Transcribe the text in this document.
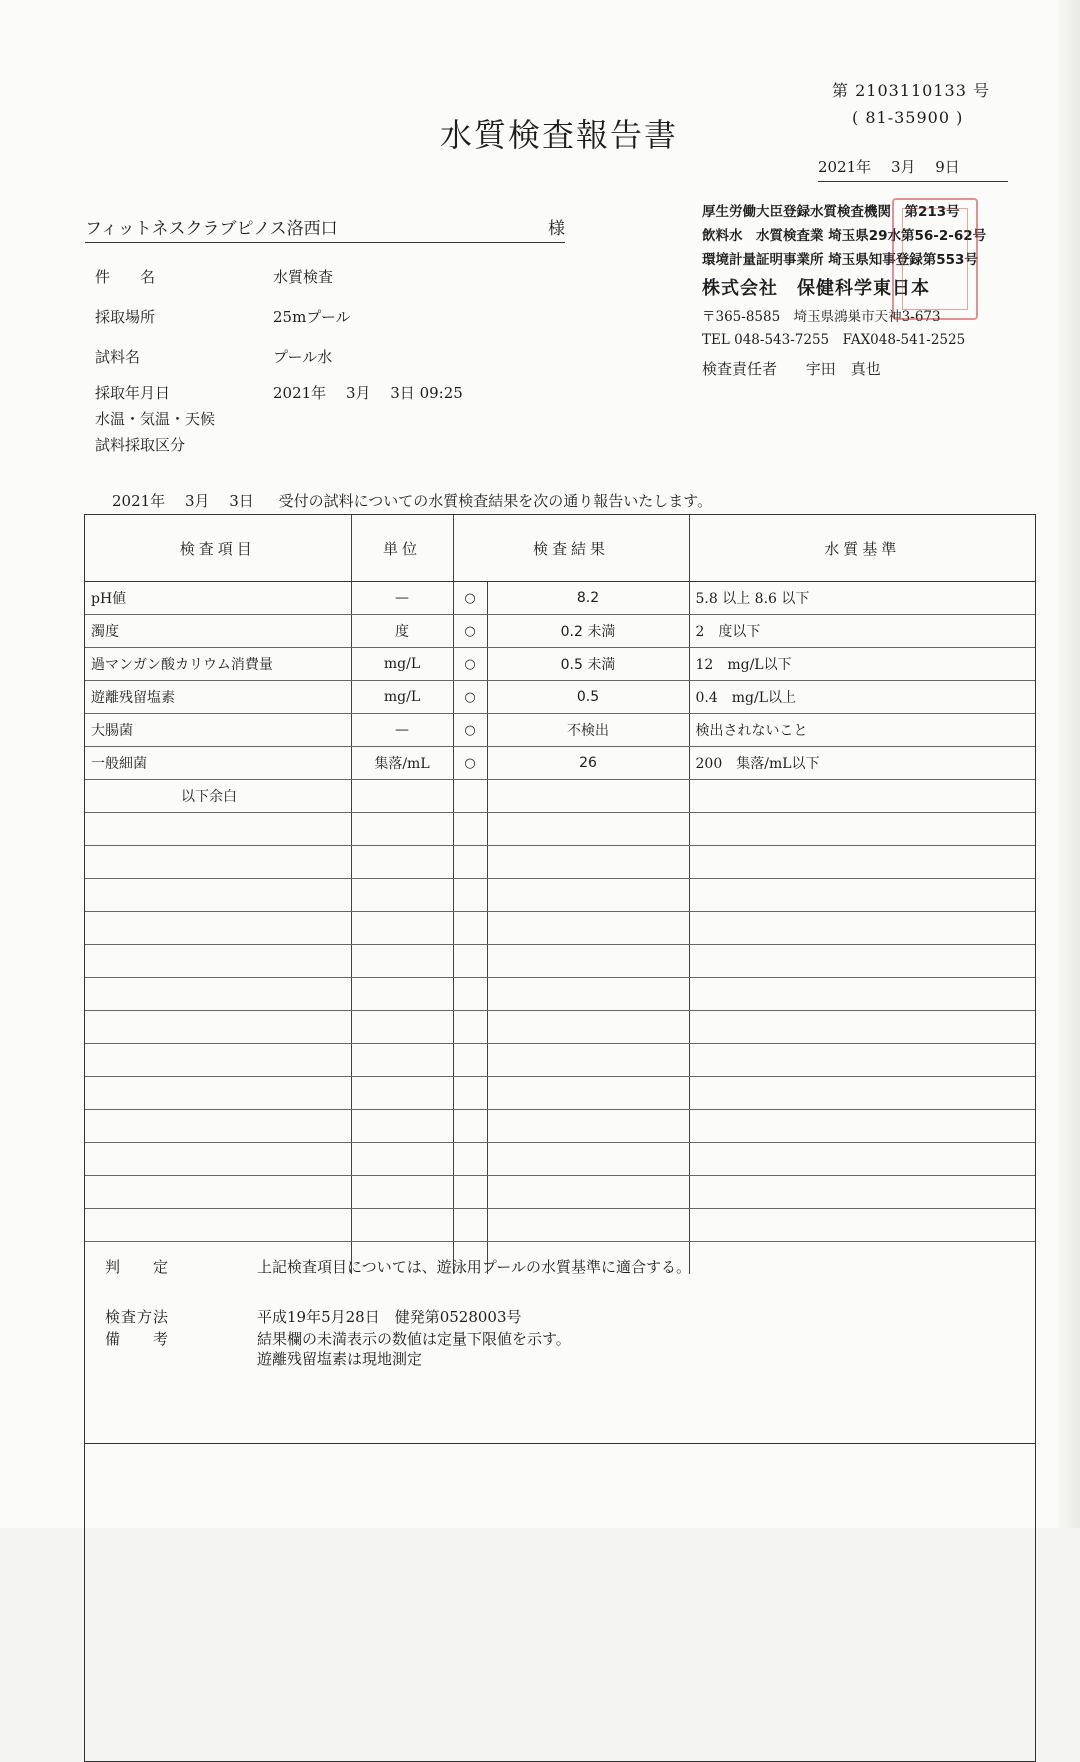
第 2103110133 号
( 81-35900 )
水質検査報告書
2021年　 3月　 9日
フィットネスクラブピノス洛西口	様
厚生労働大臣登録水質検査機関　第213号
飲料水　水質検査業 埼玉県29水第56-2-62号
環境計量証明事業所 埼玉県知事登録第553号
株式会社　保健科学東日本
〒365-8585　埼玉県鴻巣市天神3-673
TEL 048-543-7255　FAX048-541-2525
検査責任者 宇田　真也
件　　名	水質検査
採取場所	25mプール
試料名	プール水
採取年月日	2021年　 3月　 3日 09:25
水温・気温・天候
試料採取区分
2021年　 3月　 3日 受付の試料についての水質検査結果を次の通り報告いたします。
検査項目	単位	検査結果		水質基準
pH値	—	○	8.2	5.8 以上 8.6 以下
濁度	度	○	0.2 未満	2　度以下
過マンガン酸カリウム消費量	mg/L	○	0.5 未満	12　mg/L以下
遊離残留塩素	mg/L	○	0.5	0.4　mg/L以上
大腸菌	—	○	不検出	検出されないこと
一般細菌	集落/mL	○	26	200　集落/mL以下
以下余白				

判　　定	上記検査項目については、遊泳用プールの水質基準に適合する。
検査方法	平成19年5月28日　健発第0528003号
備　　考	結果欄の未満表示の数値は定量下限値を示す。
遊離残留塩素は現地測定
